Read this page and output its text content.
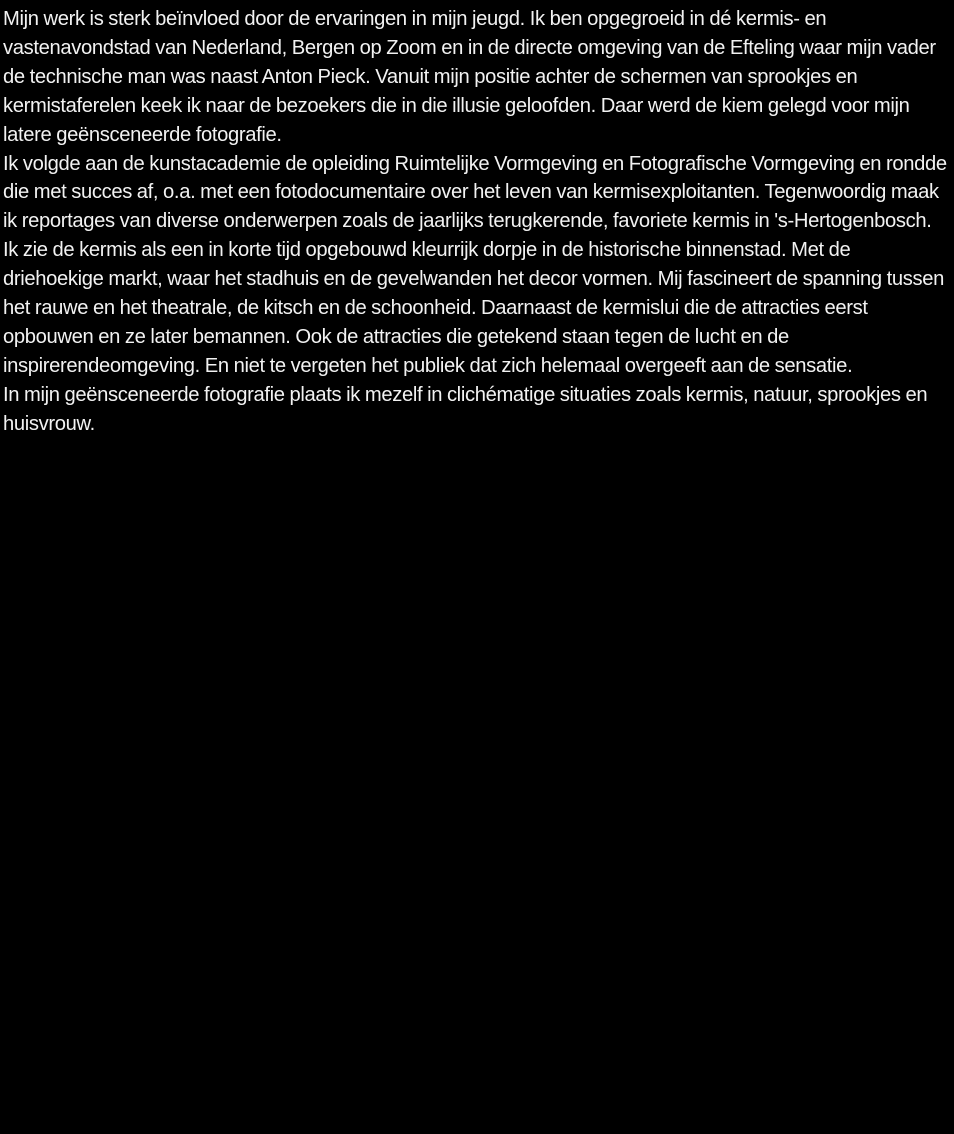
Mijn werk is sterk beïnvloed door de ervaringen in mijn jeugd. Ik ben opgegroeid in dé kermis- en vastenavondstad van Nederland, Bergen op Zoom en in de directe omgeving van de Efteling waar mijn vader de technische man was naast Anton Pieck. Vanuit mijn positie achter de schermen van sprookjes en kermistaferelen keek ik naar de bezoekers die in die illusie geloofden. Daar werd de kiem gelegd voor mijn latere geënsceneerde fotografie.

Ik volgde aan de kunstacademie de opleiding Ruimtelijke Vormgeving en Fotografische Vormgeving en rondde die met succes af, o.a. met een fotodocumentaire over het leven van kermisexploitanten. Tegenwoordig maak ik reportages van diverse onderwerpen zoals de jaarlijks terugkerende, favoriete kermis in 's-Hertogenbosch.

Ik zie de kermis als een in korte tijd opgebouwd kleurrijk dorpje in de historische binnenstad. Met de driehoekige markt, waar het stadhuis en de gevelwanden het decor vormen. Mij fascineert de spanning tussen het rauwe en het theatrale, de kitsch en de schoonheid. Daarnaast de kermislui die de attracties eerst opbouwen en ze later bemannen. Ook de attracties die getekend staan tegen de lucht en de inspirerendeomgeving. En niet te vergeten het publiek dat zich helemaal overgeeft aan de sensatie.

In mijn geënsceneerde fotografie plaats ik mezelf in clichématige situaties zoals kermis, natuur, sprookjes en huisvrouw.
